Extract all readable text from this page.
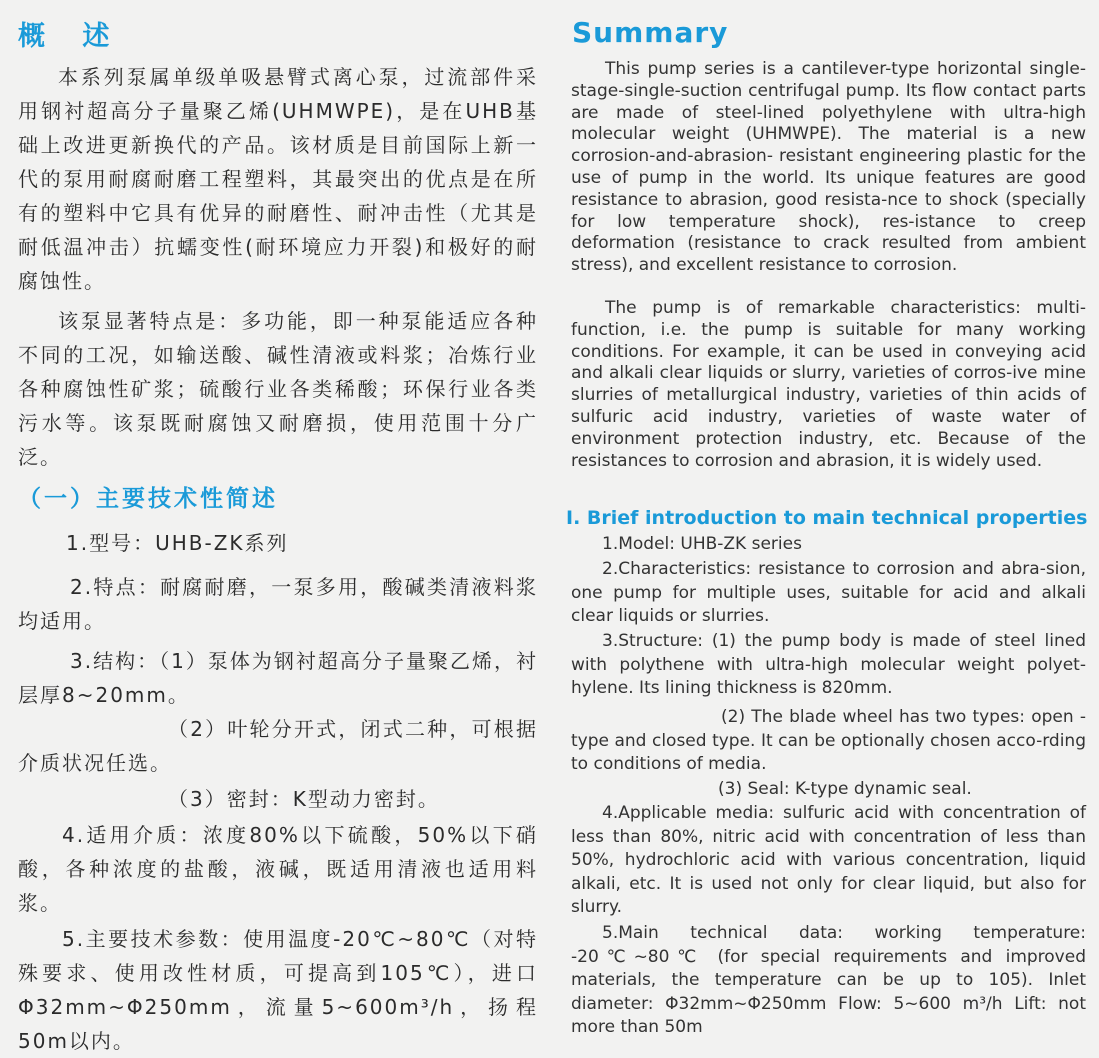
概 述

本系列泵属单级单吸悬臂式离心泵，过流部件采用钢衬超高分子量聚乙烯(UHMWPE)，是在UHB基础上改进更新换代的产品。该材质是目前国际上新一代的泵用耐腐耐磨工程塑料，其最突出的优点是在所有的塑料中它具有优异的耐磨性、耐冲击性（尤其是耐低温冲击）抗蠕变性(耐环境应力开裂)和极好的耐腐蚀性。

该泵显著特点是：多功能，即一种泵能适应各种不同的工况，如输送酸、碱性清液或料浆；冶炼行业各种腐蚀性矿浆；硫酸行业各类稀酸；环保行业各类污水等。该泵既耐腐蚀又耐磨损，使用范围十分广泛。

（一）主要技术性简述

1.型号：UHB-ZK系列

2.特点：耐腐耐磨，一泵多用，酸碱类清液料浆均适用。

3.结构：（1）泵体为钢衬超高分子量聚乙烯，衬层厚8~20mm。

（2）叶轮分开式，闭式二种，可根据介质状况任选。

（3）密封：K型动力密封。

4.适用介质：浓度80%以下硫酸，50%以下硝酸，各种浓度的盐酸，液碱，既适用清液也适用料浆。

5.主要技术参数：使用温度-20℃~80℃（对特殊要求、使用改性材质，可提高到105℃），进口Φ32mm~Φ250mm，流量5~600m³/h，扬程50m以内。

Summary

This pump series is a cantilever-type horizontal single-stage-single-suction centrifugal pump. Its flow contact parts are made of steel-lined polyethylene with ultra-high molecular weight (UHMWPE). The material is a new corrosion-and-abrasion- resistant engineering plastic for the use of pump in the world. Its unique features are good resistance to abrasion, good resista-nce to shock (specially for low temperature shock), res-istance to creep deformation (resistance to crack resulted from ambient stress), and excellent resistance to corrosion.

The pump is of remarkable characteristics: multi-function, i.e. the pump is suitable for many working conditions. For example, it can be used in conveying acid and alkali clear liquids or slurry, varieties of corros-ive mine slurries of metallurgical industry, varieties of thin acids of sulfuric acid industry, varieties of waste water of environment protection industry, etc. Because of the resistances to corrosion and abrasion, it is widely used.

I. Brief introduction to main technical properties

1.Model: UHB-ZK series

2.Characteristics: resistance to corrosion and abra-sion, one pump for multiple uses, suitable for acid and alkali clear liquids or slurries.

3.Structure: (1) the pump body is made of steel lined with polythene with ultra-high molecular weight polyet-hylene. Its lining thickness is 820mm.

(2) The blade wheel has two types: open -type and closed type. It can be optionally chosen acco-rding to conditions of media.

(3) Seal: K-type dynamic seal.

4.Applicable media: sulfuric acid with concentration of less than 80%, nitric acid with concentration of less than 50%, hydrochloric acid with various concentration, liquid alkali, etc. It is used not only for clear liquid, but also for slurry.

5.Main technical data: working temperature: -20℃~80℃ (for special requirements and improved materials, the temperature can be up to 105). Inlet diameter: Φ32mm~Φ250mm Flow: 5~600 m³/h Lift: not more than 50m
